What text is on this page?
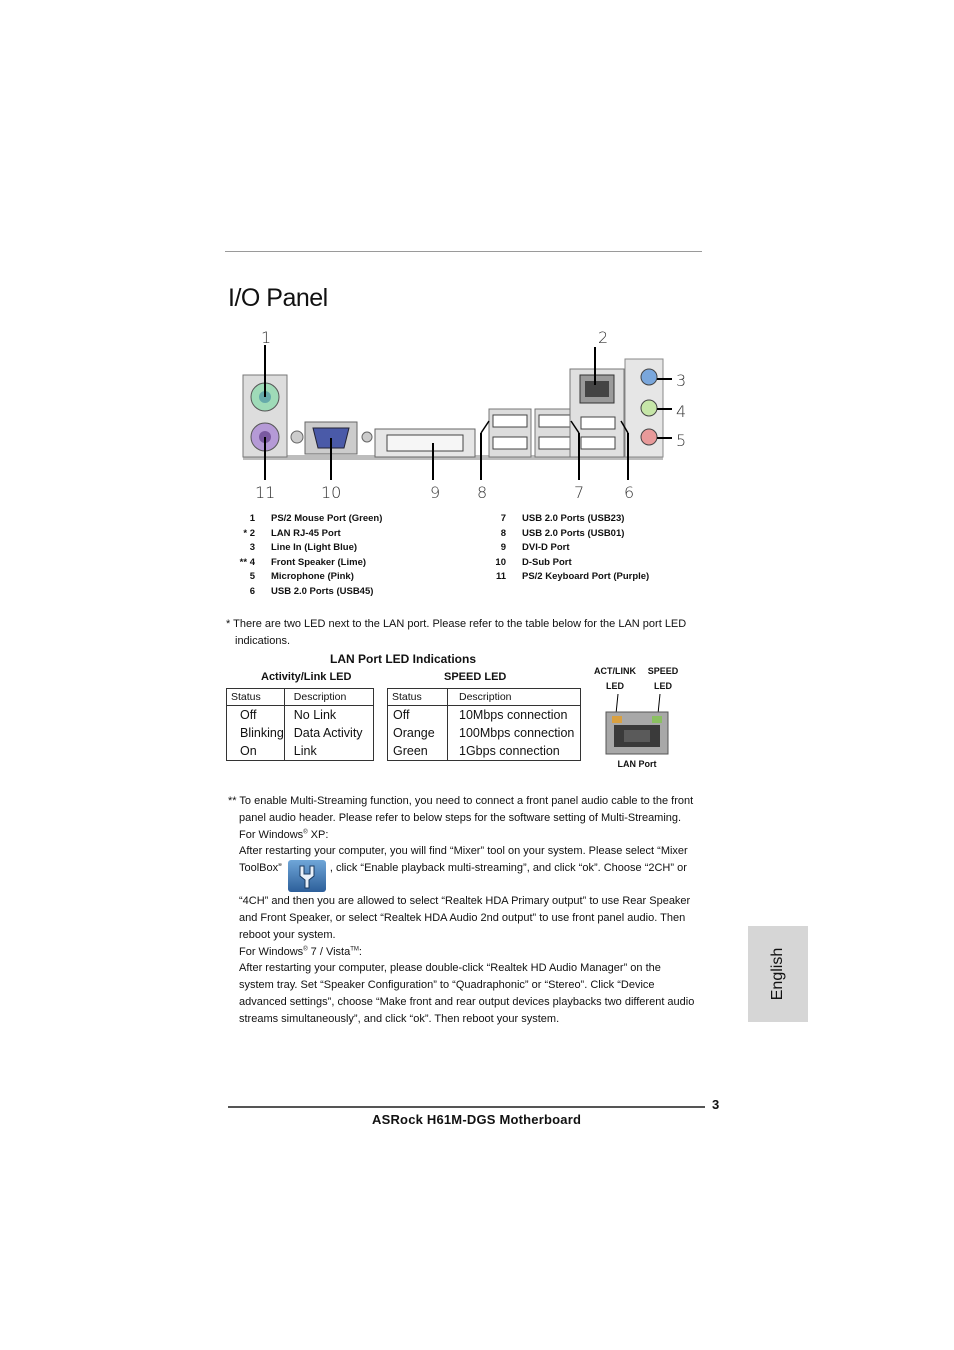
I/O Panel
1	2
3
4
5
6
7
8
9
10
11
1	PS/2 Mouse Port (Green)
* 2	LAN RJ-45 Port
3	Line In (Light Blue)
** 4	Front Speaker (Lime)
5	Microphone (Pink)
6	USB 2.0 Ports (USB45)
7	USB 2.0 Ports (USB23)
8	USB 2.0 Ports (USB01)
9	DVI-D Port
10	D-Sub Port
11	PS/2 Keyboard Port (Purple)
* There are two LED next to the LAN port. Please refer to the table below for the LAN port LED
indications.
LAN Port LED Indications
Activity/Link LED	SPEED LED
Status	Description
Off	No Link
Blinking	Data Activity
On	Link
Status	Description
Off	10Mbps connection
Orange	100Mbps connection
Green	1Gbps connection
ACT/LINK
LED
SPEED
LED
LAN Port

** To enable Multi-Streaming function, you need to connect a front panel audio cable to the front

panel audio header. Please refer to below steps for the software setting of Multi-Streaming.

For Windows® XP:

After restarting your computer, you will find “Mixer” tool on your system. Please select “Mixer

ToolBox”	, click “Enable playback multi-streaming”, and click “ok”. Choose “2CH” or

“4CH” and then you are allowed to select “Realtek HDA Primary output” to use Rear Speaker

and Front Speaker, or select “Realtek HDA Audio 2nd output” to use front panel audio. Then

reboot your system.

For Windows® 7 / Vista™:

After restarting your computer, please double-click “Realtek HD Audio Manager” on the

system tray. Set “Speaker Configuration” to “Quadraphonic” or “Stereo”. Click “Device

advanced settings”, choose “Make front and rear output devices playbacks two different audio

streams simultaneously”, and click “ok”. Then reboot your system.

English
3
ASRock H61M-DGS Motherboard
